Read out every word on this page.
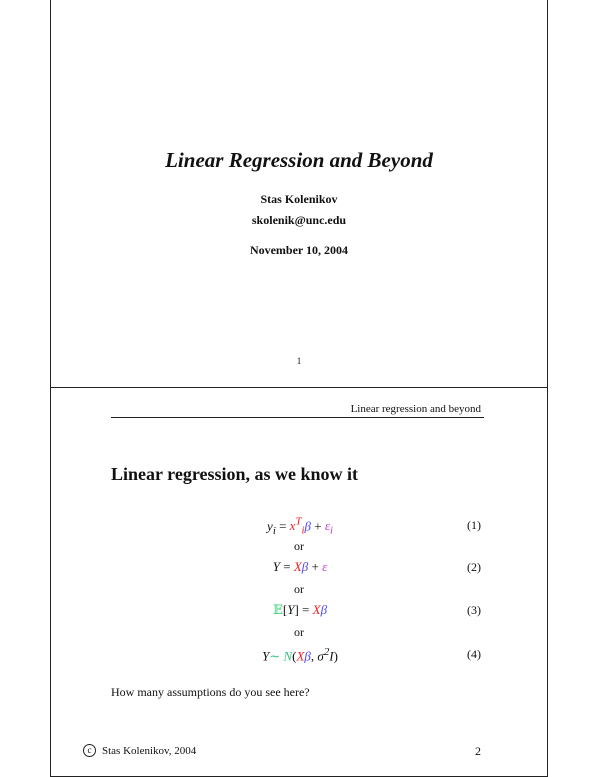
Linear Regression and Beyond
Stas Kolenikov
skolenik@unc.edu
November 10, 2004
1
Linear regression and beyond
Linear regression, as we know it
$y_i = x^T_i\beta + \varepsilon_i$	(1)
or
Y = Xβ + ε	(2)
or
𝔼[Y] = Xβ	(3)
or
Y∼ N(Xβ, $\sigma^2I$)	(4)
How many assumptions do you see here?
c Stas Kolenikov, 2004	2
